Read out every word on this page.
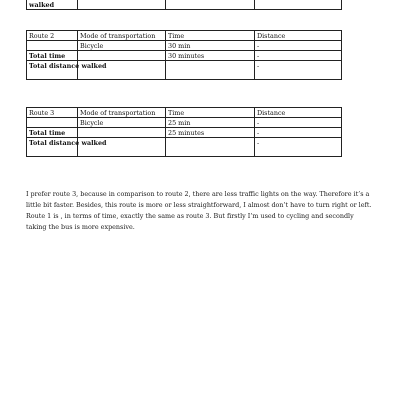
walked			
Route 2	Mode of transportation	Time	Distance
	Bicycle	30 min	-
Total time		30 minutes	-
Total distance walked			-
Route 3	Mode of transportation	Time	Distance
	Bicycle	25 min	-
Total time		25 minutes	-
Total distance walked			-

I prefer route 3, because in comparison to route 2, there are less traffic lights on the way. Therefore it’s a little bit faster. Besides, this route is more or less straightforward, I almost don’t have to turn right or left. Route 1 is , in terms of time, exactly the same as route 3. But firstly I’m used to cycling and secondly taking the bus is more expensive.
